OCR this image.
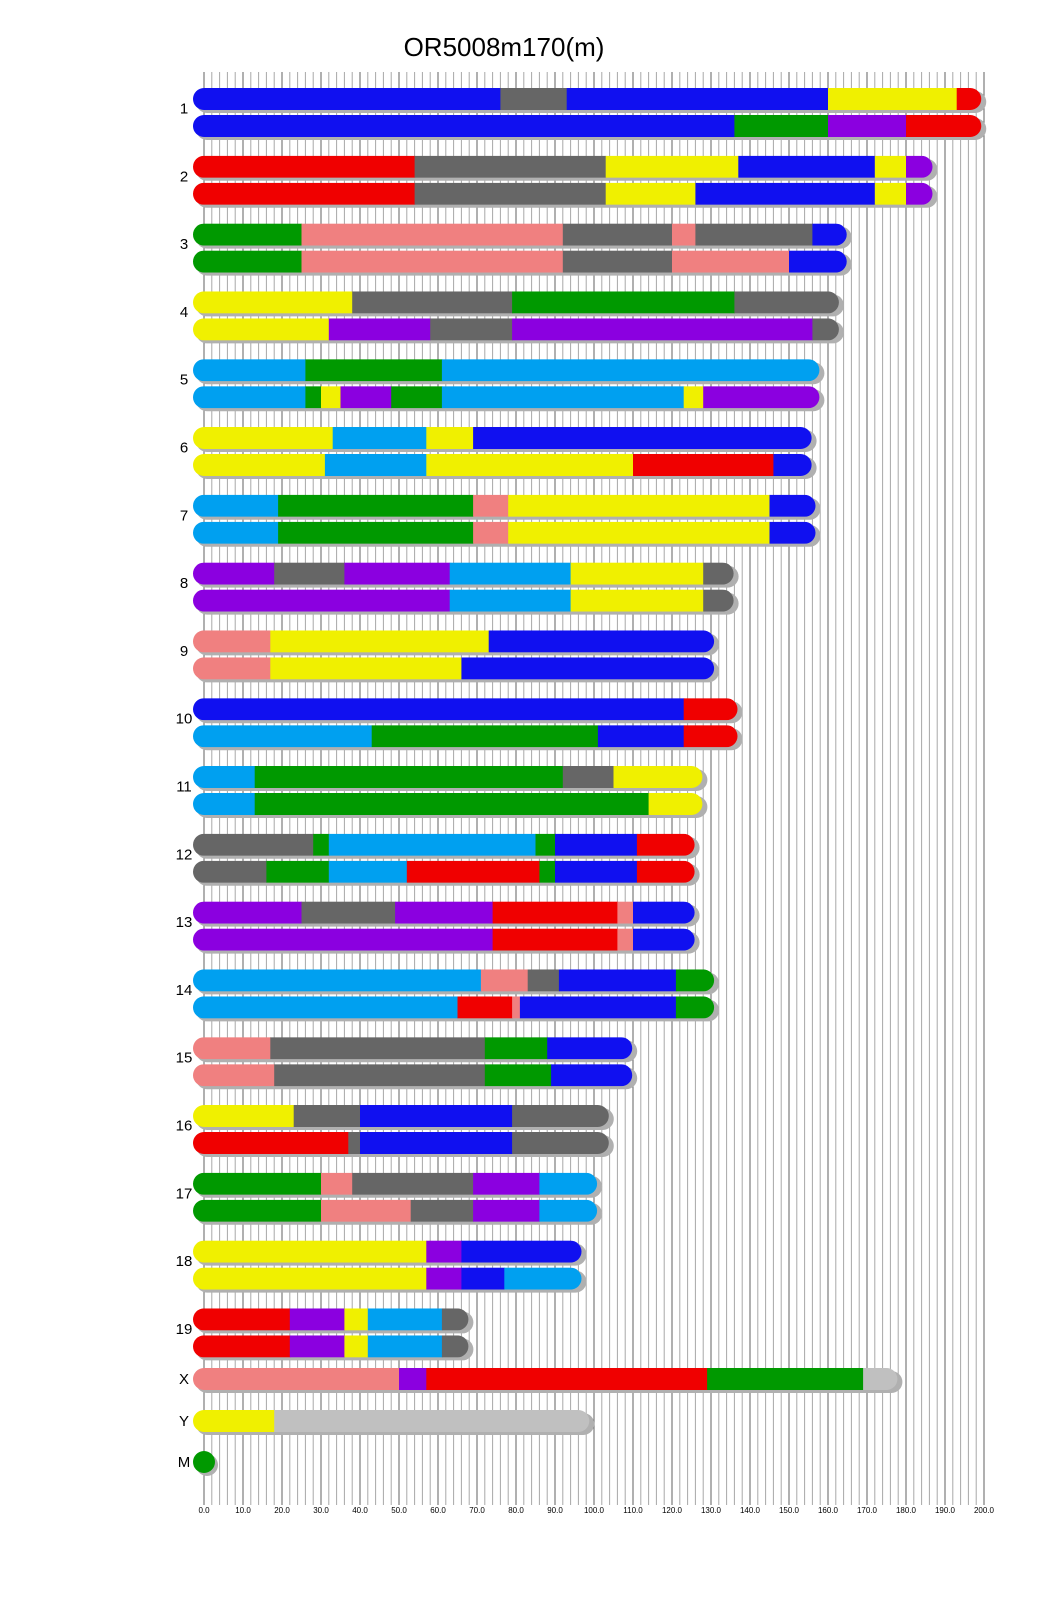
OR5008m170(m)
0.0	10.0	20.0	30.0	40.0	50.0	60.0	70.0	80.0	90.0	100.0 110.0 120.0 130.0 140.0 150.0 160.0 170.0 180.0 190.0 200.0
1
2
3
4
5
6
7
8
9
10
11
12
13
14
15
16
17
18
19
X
Y
M
